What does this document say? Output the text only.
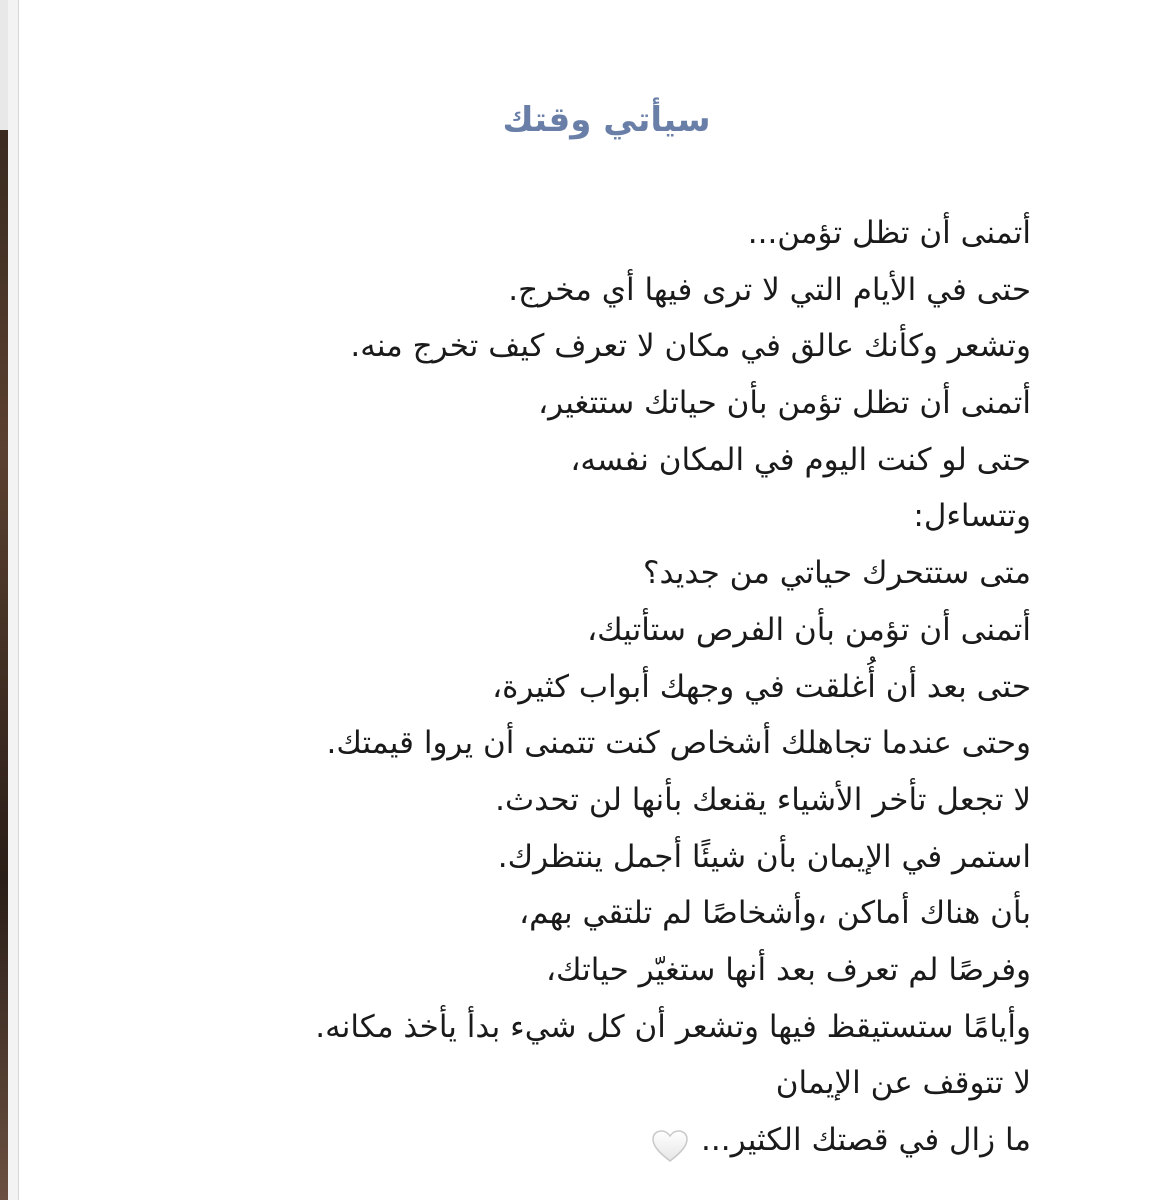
سيأتي وقتك
أتمنى أن تظل تؤمن...
حتى في الأيام التي لا ترى فيها أي مخرج.
وتشعر وكأنك عالق في مكان لا تعرف كيف تخرج منه.
أتمنى أن تظل تؤمن بأن حياتك ستتغير،
حتى لو كنت اليوم في المكان نفسه،
وتتساءل:
متى ستتحرك حياتي من جديد؟
أتمنى أن تؤمن بأن الفرص ستأتيك،
حتى بعد أن أُغلقت في وجهك أبواب كثيرة،
وحتى عندما تجاهلك أشخاص كنت تتمنى أن يروا قيمتك.
لا تجعل تأخر الأشياء يقنعك بأنها لن تحدث.
استمر في الإيمان بأن شيئًا أجمل ينتظرك.
بأن هناك أماكن ،وأشخاصًا لم تلتقي بهم،
وفرصًا لم تعرف بعد أنها ستغيّر حياتك،
وأيامًا ستستيقظ فيها وتشعر أن كل شيء بدأ يأخذ مكانه.
لا تتوقف عن الإيمان
ما زال في قصتك الكثير...
